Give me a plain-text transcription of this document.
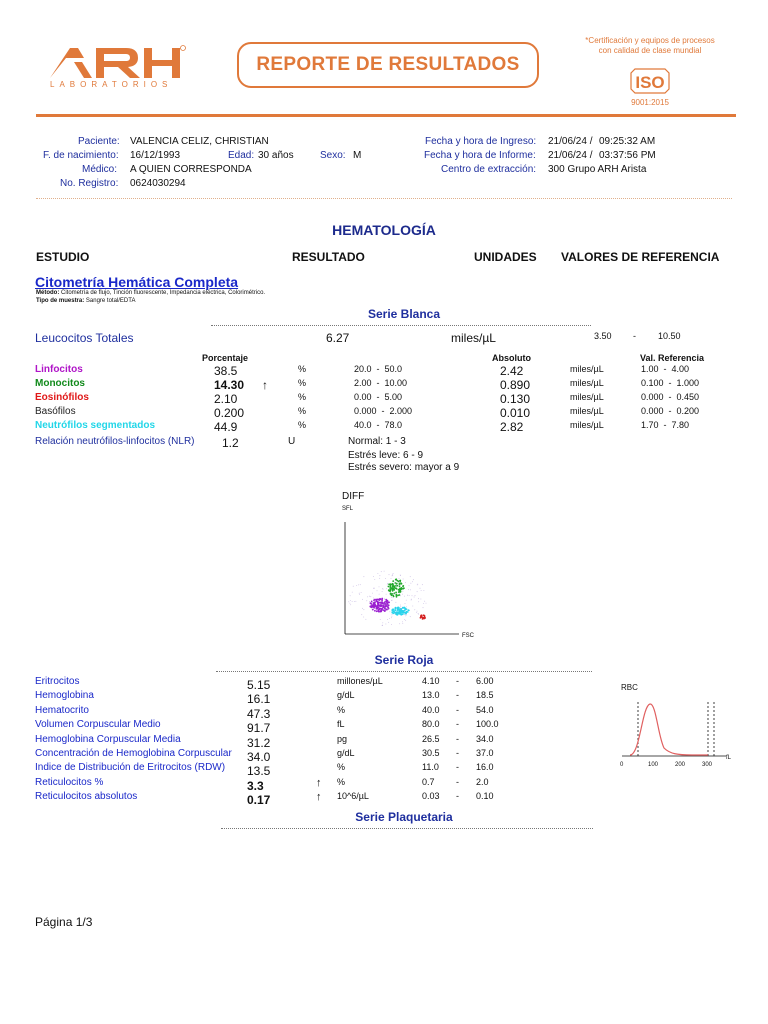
LABORATORIOS
REPORTE DE RESULTADOS
*Certificación y equipos de procesos
con calidad de clase mundial
ISO
9001:2015
Paciente: VALENCIA CELIZ, CHRISTIAN
F. de nacimiento: 16/12/1993	Edad: 30 años	Sexo: M
Médico: A QUIEN CORRESPONDA
No. Registro: 0624030294
Fecha y hora de Ingreso: 21/06/24 / 09:25:32 AM
Fecha y hora de Informe: 21/06/24 / 03:37:56 PM
Centro de extracción: 300 Grupo ARH Arista
HEMATOLOGÍA
ESTUDIO	RESULTADO	UNIDADES VALORES DE REFERENCIA
Citometría Hemática Completa
Método: Citometría de flujo, Tinción fluorescente, Impedancia eléctrica, Colorimétrico.
Tipo de muestra: Sangre total/EDTA
Serie Blanca
Leucocitos Totales	6.27	miles/µL	3.50 - 10.50
Porcentaje	Absoluto	Val. Referencia
Linfocitos	38.5	%	20.0  -  50.0	2.42	miles/µL	1.00  -  4.00
Monocitos	14.30 ↑	%	2.00  -  10.00	0.890	miles/µL	0.100  -  1.000
Eosinófilos	2.10	%	0.00  -  5.00	0.130	miles/µL	0.000  -  0.450
Basófilos	0.200	%	0.000  -  2.000	0.010	miles/µL	0.000  -  0.200
Neutrófilos segmentados	44.9	%	40.0  -  78.0	2.82	miles/µL	1.70  -  7.80
Relación neutrófilos-linfocitos (NLR) 1.2	U	Normal: 1 - 3
Estrés leve: 6 - 9
Estrés severo: mayor a 9
DIFF
SFL
FSC
Serie Roja
Eritrocitos	5.15	millones/µL	4.10 - 6.00
Hemoglobina	16.1	g/dL	13.0 - 18.5
Hematocrito	47.3	%	40.0 - 54.0
Volumen Corpuscular Medio	91.7	fL	80.0 - 100.0
Hemoglobina Corpuscular Media	31.2	pg	26.5 - 34.0
Concentración de Hemoglobina Corpuscular 34.0	g/dL	30.5 - 37.0
Indice de Distribución de Eritrocitos (RDW) 13.5	%	11.0 - 16.0
Reticulocitos %	3.3	↑ %	0.7 - 2.0
Reticulocitos absolutos	0.17	↑ 10^6/µL	0.03 - 0.10
RBC
0	100	200	300
fL
Serie Plaquetaria
Página 1/3
